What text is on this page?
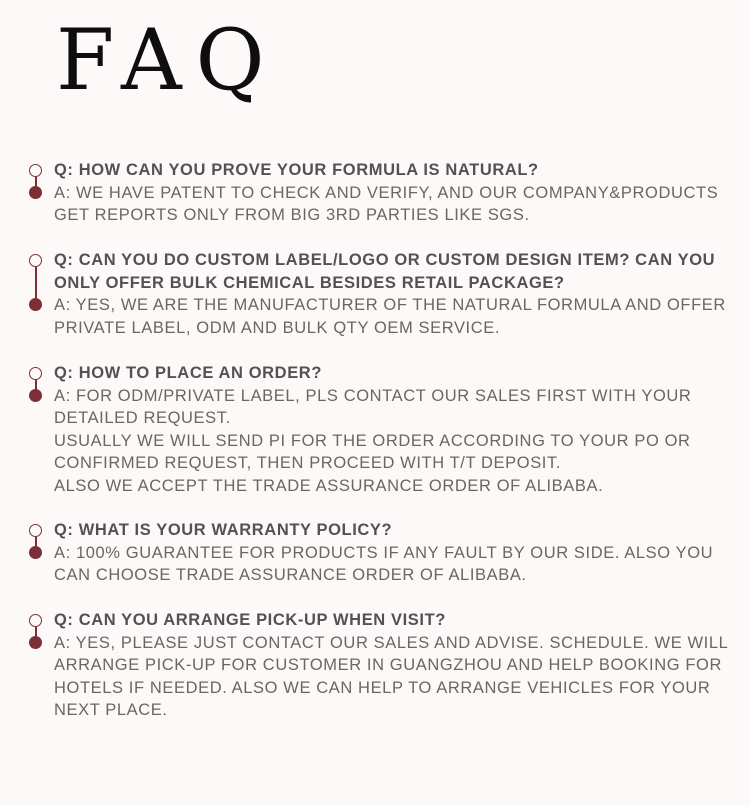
FAQ
Q: HOW CAN YOU PROVE YOUR FORMULA IS NATURAL?
A: WE HAVE PATENT TO CHECK AND VERIFY, AND OUR COMPANY&PRODUCTS GET REPORTS ONLY FROM BIG 3RD PARTIES LIKE SGS.
Q: CAN YOU DO CUSTOM LABEL/LOGO OR CUSTOM DESIGN ITEM? CAN YOU ONLY OFFER BULK CHEMICAL BESIDES RETAIL PACKAGE?
A: YES, WE ARE THE MANUFACTURER OF THE NATURAL FORMULA AND OFFER PRIVATE LABEL, ODM AND BULK QTY OEM SERVICE.
Q: HOW TO PLACE AN ORDER?
A: FOR ODM/PRIVATE LABEL, PLS CONTACT OUR SALES FIRST WITH YOUR DETAILED REQUEST.
USUALLY WE WILL SEND PI FOR THE ORDER ACCORDING TO YOUR PO OR CONFIRMED REQUEST, THEN PROCEED WITH T/T DEPOSIT.
ALSO WE ACCEPT THE TRADE ASSURANCE ORDER OF ALIBABA.
Q: WHAT IS YOUR WARRANTY POLICY?
A: 100% GUARANTEE FOR PRODUCTS IF ANY FAULT BY OUR SIDE. ALSO YOU CAN CHOOSE TRADE ASSURANCE ORDER OF ALIBABA.
Q: CAN YOU ARRANGE PICK-UP WHEN VISIT?
A: YES, PLEASE JUST CONTACT OUR SALES AND ADVISE. SCHEDULE. WE WILL ARRANGE PICK-UP FOR CUSTOMER IN GUANGZHOU AND HELP BOOKING FOR HOTELS IF NEEDED. ALSO WE CAN HELP TO ARRANGE VEHICLES FOR YOUR NEXT PLACE.
